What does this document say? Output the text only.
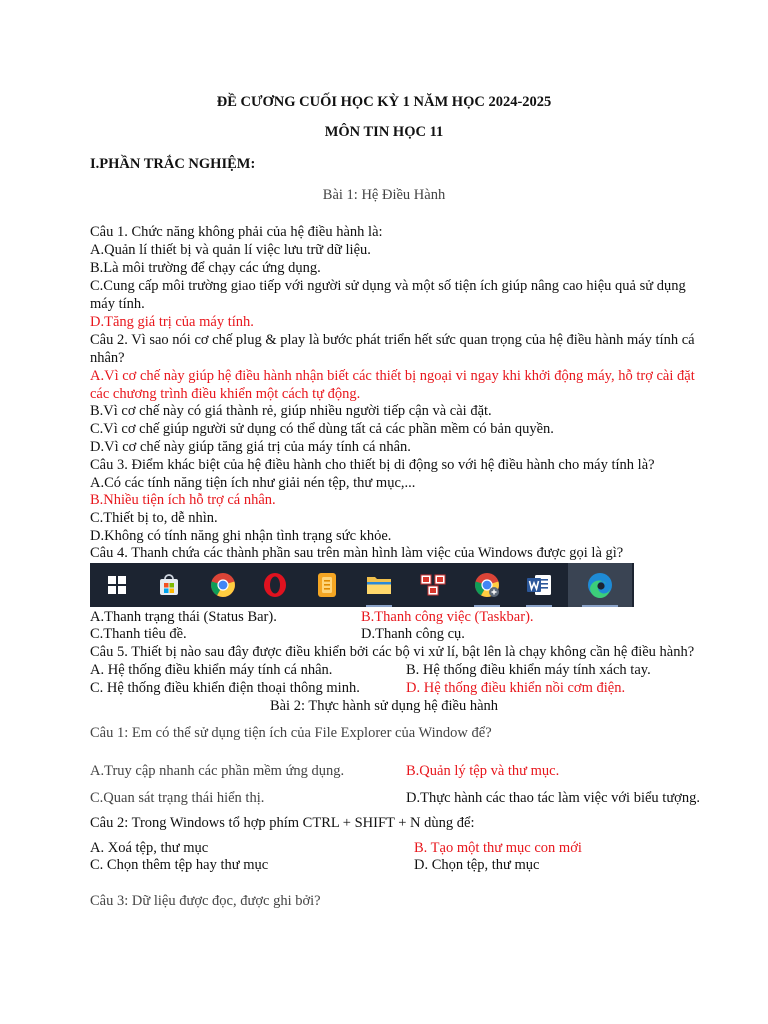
ĐỀ CƯƠNG CUỐI HỌC KỲ 1 NĂM HỌC 2024-2025
MÔN TIN HỌC 11
I.PHẦN TRẮC NGHIỆM:
Bài 1: Hệ Điều Hành
Câu 1. Chức năng không phải của hệ điều hành là:
A.Quản lí thiết bị và quản lí việc lưu trữ dữ liệu.
B.Là môi trường để chạy các ứng dụng.
C.Cung cấp môi trường giao tiếp với người sử dụng và một số tiện ích giúp nâng cao hiệu quả sử dụng
máy tính.
D.Tăng giá trị của máy tính.
Câu 2. Vì sao nói cơ chế plug & play là bước phát triển hết sức quan trọng của hệ điều hành máy tính cá
nhân?
A.Vì cơ chế này giúp hệ điều hành nhận biết các thiết bị ngoại vi ngay khi khởi động máy, hỗ trợ cài đặt
các chương trình điều khiển một cách tự động.
B.Vì cơ chế này có giá thành rẻ, giúp nhiều người tiếp cận và cài đặt.
C.Vì cơ chế giúp người sử dụng có thể dùng tất cả các phần mềm có bản quyền.
D.Vì cơ chế này giúp tăng giá trị của máy tính cá nhân.
Câu 3. Điểm khác biệt của hệ điều hành cho thiết bị di động so với hệ điều hành cho máy tính là?
A.Có các tính năng tiện ích như giải nén tệp, thư mục,...
B.Nhiều tiện ích hỗ trợ cá nhân.
C.Thiết bị to, dễ nhìn.
D.Không có tính năng ghi nhận tình trạng sức khỏe.
Câu 4. Thanh chứa các thành phần sau trên màn hình làm việc của Windows được gọi là gì?
A.Thanh trạng thái (Status Bar).	B.Thanh công việc (Taskbar).
C.Thanh tiêu đề.	D.Thanh công cụ.
Câu 5. Thiết bị nào sau đây được điều khiển bởi các bộ vi xử lí, bật lên là chạy không cần hệ điều hành?
A. Hệ thống điều khiển máy tính cá nhân.	B. Hệ thống điều khiển máy tính xách tay.
C. Hệ thống điều khiển điện thoại thông minh.	D. Hệ thống điều khiển nồi cơm điện.
Bài 2: Thực hành sử dụng hệ điều hành
Câu 1: Em có thể sử dụng tiện ích của File Explorer của Window để?
A.Truy cập nhanh các phần mềm ứng dụng.	B.Quản lý tệp và thư mục.
C.Quan sát trạng thái hiển thị.	D.Thực hành các thao tác làm việc với biểu tượng.
Câu 2: Trong Windows tổ hợp phím CTRL + SHIFT + N dùng để:
A. Xoá tệp, thư mục	B. Tạo một thư mục con mới
C. Chọn thêm tệp hay thư mục	D. Chọn tệp, thư mục
Câu 3: Dữ liệu được đọc, được ghi bởi?
